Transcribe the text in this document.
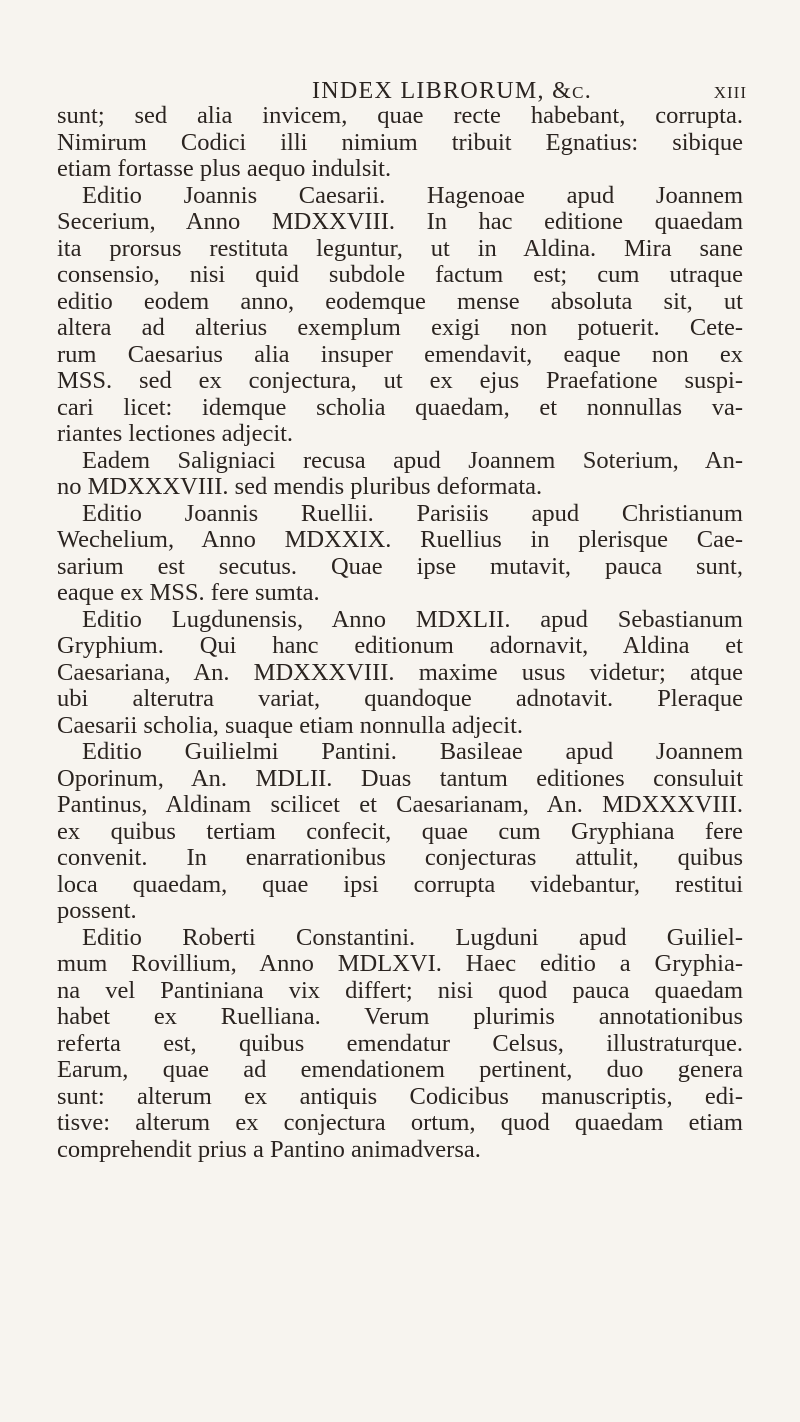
INDEX LIBRORUM, &c.	xiii
sunt; sed alia invicem, quae recte habebant, corrupta.
Nimirum Codici illi nimium tribuit Egnatius: sibique
etiam fortasse plus aequo indulsit.
Editio Joannis Caesarii. Hagenoae apud Joannem
Secerium, Anno MDXXVIII. In hac editione quaedam
ita prorsus restituta leguntur, ut in Aldina. Mira sane
consensio, nisi quid subdole factum est; cum utraque
editio eodem anno, eodemque mense absoluta sit, ut
altera ad alterius exemplum exigi non potuerit. Cete-
rum Caesarius alia insuper emendavit, eaque non ex
MSS. sed ex conjectura, ut ex ejus Praefatione suspi-
cari licet: idemque scholia quaedam, et nonnullas va-
riantes lectiones adjecit.
Eadem Saligniaci recusa apud Joannem Soterium, An-
no MDXXXVIII. sed mendis pluribus deformata.
Editio Joannis Ruellii. Parisiis apud Christianum
Wechelium, Anno MDXXIX. Ruellius in plerisque Cae-
sarium est secutus. Quae ipse mutavit, pauca sunt,
eaque ex MSS. fere sumta.
Editio Lugdunensis, Anno MDXLII. apud Sebastianum
Gryphium. Qui hanc editionum adornavit, Aldina et
Caesariana, An. MDXXXVIII. maxime usus videtur; atque
ubi alterutra variat, quandoque adnotavit. Pleraque
Caesarii scholia, suaque etiam nonnulla adjecit.
Editio Guilielmi Pantini. Basileae apud Joannem
Oporinum, An. MDLII. Duas tantum editiones consuluit
Pantinus, Aldinam scilicet et Caesarianam, An. MDXXXVIII.
ex quibus tertiam confecit, quae cum Gryphiana fere
convenit. In enarrationibus conjecturas attulit, quibus
loca quaedam, quae ipsi corrupta videbantur, restitui
possent.
Editio Roberti Constantini. Lugduni apud Guiliel-
mum Rovillium, Anno MDLXVI. Haec editio a Gryphia-
na vel Pantiniana vix differt; nisi quod pauca quaedam
habet ex Ruelliana. Verum plurimis annotationibus
referta est, quibus emendatur Celsus, illustraturque.
Earum, quae ad emendationem pertinent, duo genera
sunt: alterum ex antiquis Codicibus manuscriptis, edi-
tisve: alterum ex conjectura ortum, quod quaedam etiam
comprehendit prius a Pantino animadversa.
